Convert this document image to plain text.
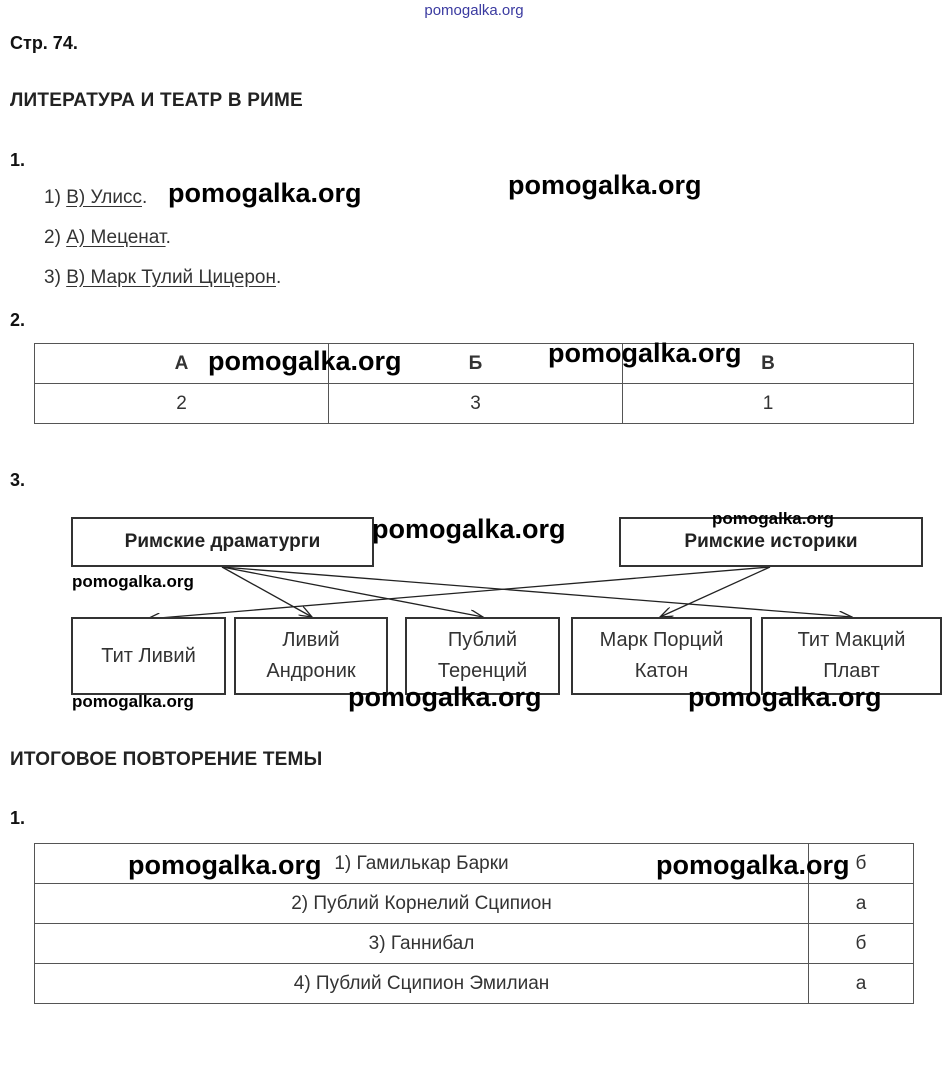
pomogalka.org
Стр. 74.
ЛИТЕРАТУРА И ТЕАТР В РИМЕ
1.
1) В) Улисс.
2) А) Меценат.
3) В) Марк Тулий Цицерон.
2.
А	Б	В
2	3	1
3.
Римские драматурги	Римские историки
Тит Ливий
Ливий
Андроник
Публий
Теренций
Марк Порций
Катон
Тит Макций
Плавт
ИТОГОВОЕ ПОВТОРЕНИЕ ТЕМЫ
1.
1) Гамилькар Барки	б
2) Публий Корнелий Сципион	а
3) Ганнибал	б
4) Публий Сципион Эмилиан	а
pomogalka.org	pomogalka.org
pomogalka.org	pomogalka.org
pomogalka.org	pomogalka.org
pomogalka.org
pomogalka.org	pomogalka.org	pomogalka.org
pomogalka.org	pomogalka.org
